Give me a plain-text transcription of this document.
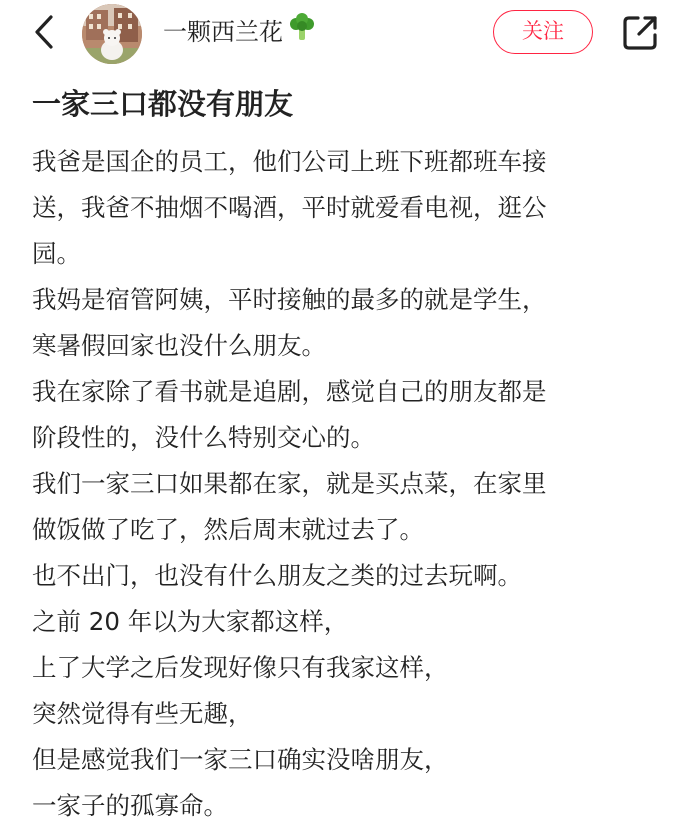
一颗西兰花	关注
一家三口都没有朋友
我爸是国企的员工，他们公司上班下班都班车接
送，我爸不抽烟不喝酒，平时就爱看电视，逛公
园。
我妈是宿管阿姨，平时接触的最多的就是学生，
寒暑假回家也没什么朋友。
我在家除了看书就是追剧，感觉自己的朋友都是
阶段性的，没什么特别交心的。
我们一家三口如果都在家，就是买点菜，在家里
做饭做了吃了，然后周末就过去了。
也不出门，也没有什么朋友之类的过去玩啊。
之前 20 年以为大家都这样，
上了大学之后发现好像只有我家这样，
突然觉得有些无趣，
但是感觉我们一家三口确实没啥朋友，
一家子的孤寡命。
